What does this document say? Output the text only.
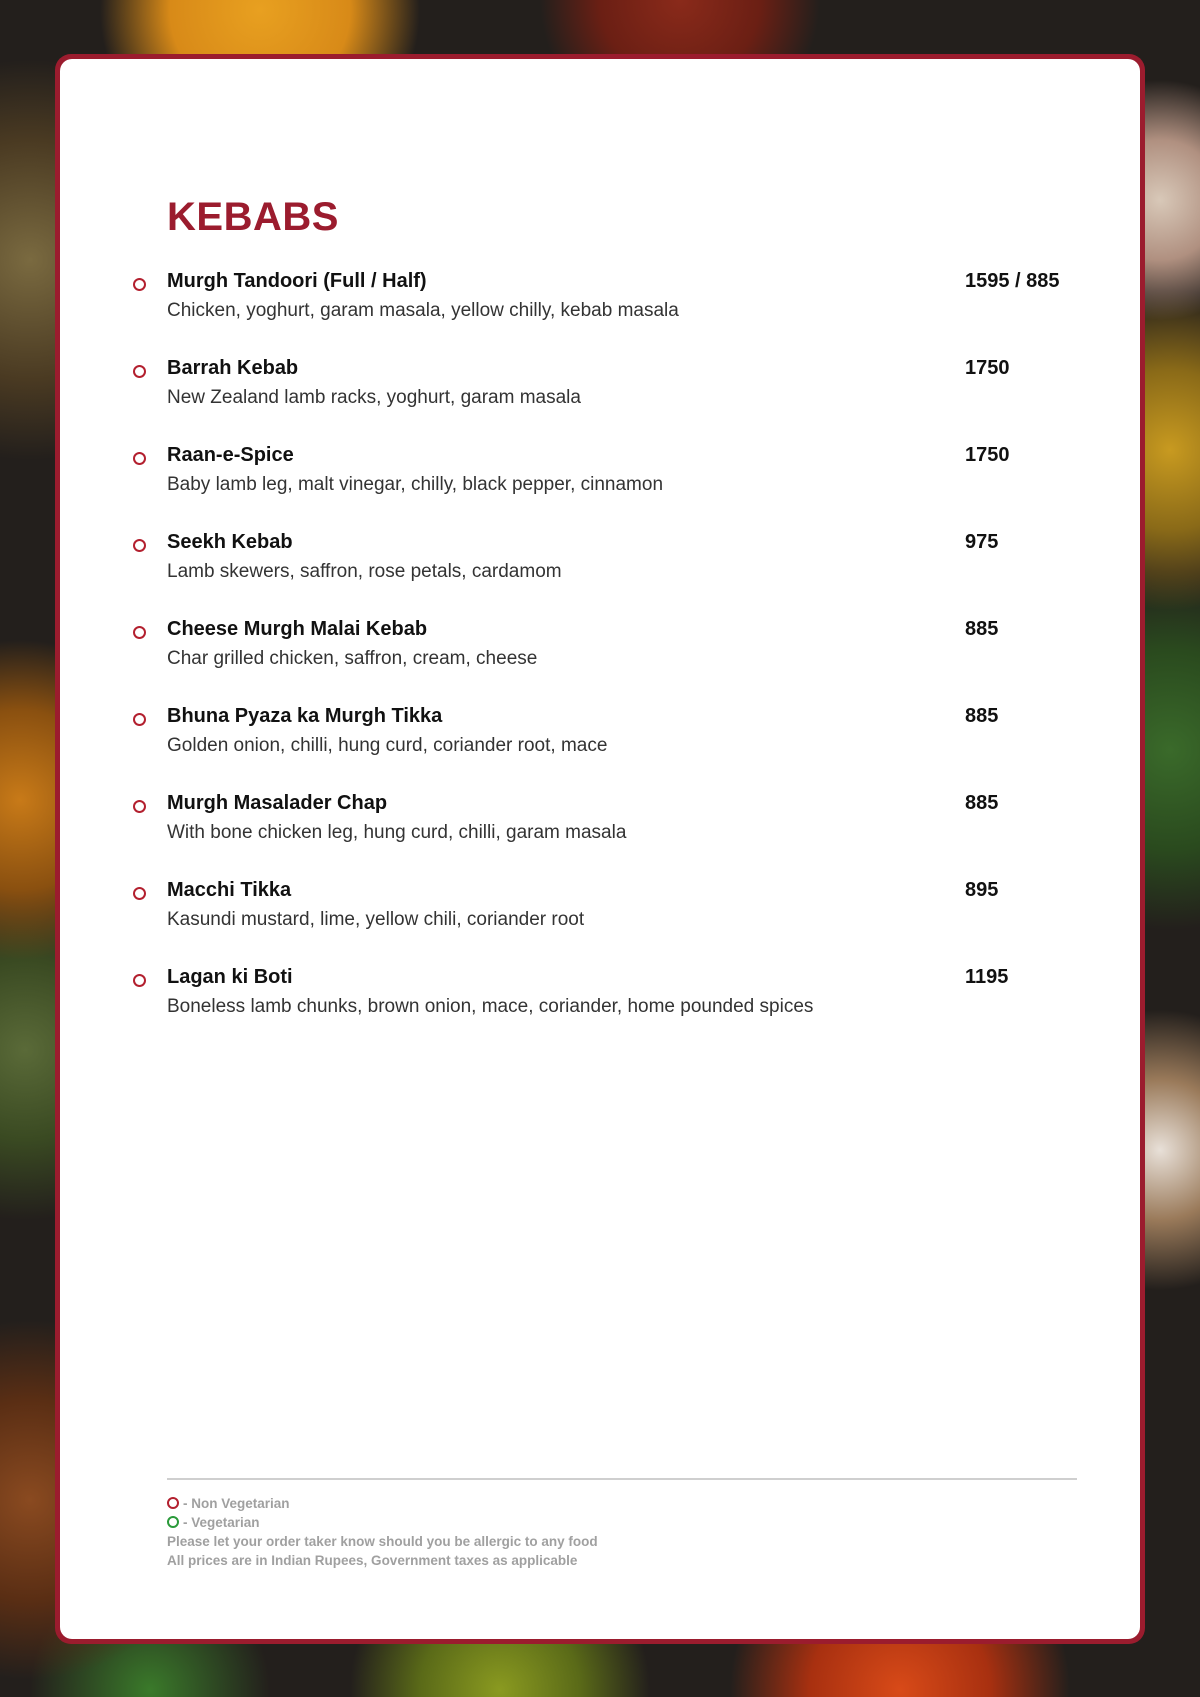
KEBABS
Murgh Tandoori (Full / Half)
Chicken, yoghurt, garam masala, yellow chilly, kebab masala
1595 / 885
Barrah Kebab
New Zealand lamb racks, yoghurt, garam masala
1750
Raan-e-Spice
Baby lamb leg, malt vinegar, chilly, black pepper, cinnamon
1750
Seekh Kebab
Lamb skewers, saffron, rose petals, cardamom
975
Cheese Murgh Malai Kebab
Char grilled chicken, saffron, cream, cheese
885
Bhuna Pyaza ka Murgh Tikka
Golden onion, chilli, hung curd, coriander root, mace
885
Murgh Masalader Chap
With bone chicken leg, hung curd, chilli, garam masala
885
Macchi Tikka
Kasundi mustard, lime, yellow chili, coriander root
895
Lagan ki Boti
Boneless lamb chunks, brown onion, mace, coriander, home pounded spices
1195
- Non Vegetarian
- Vegetarian
Please let your order taker know should you be allergic to any food
All prices are in Indian Rupees, Government taxes as applicable
